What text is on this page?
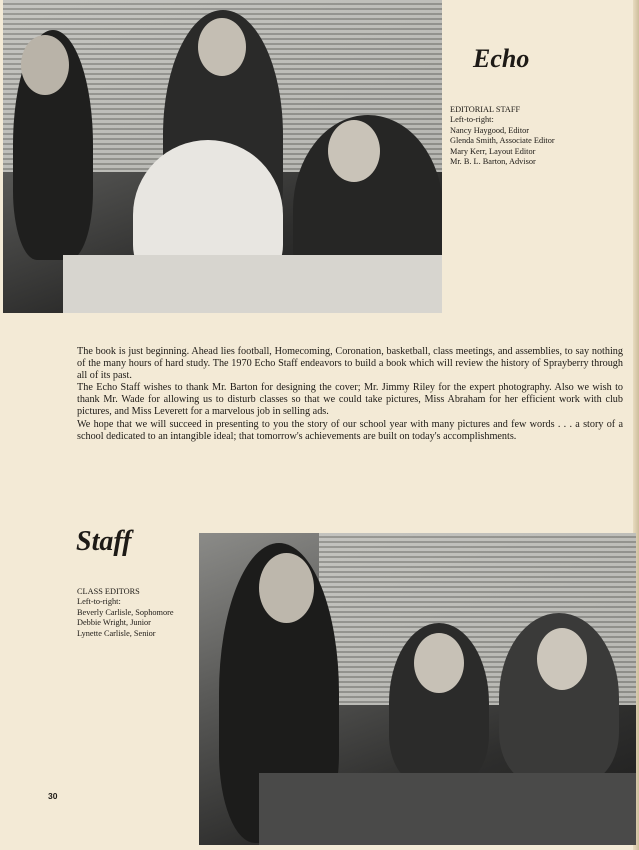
Echo
EDITORIAL STAFF
Left-to-right:
Nancy Haygood, Editor
Glenda Smith, Associate Editor
Mary Kerr, Layout Editor
Mr. B. L. Barton, Advisor

The book is just beginning. Ahead lies football, Homecoming, Coronation, basketball, class meetings, and assemblies, to say nothing of the many hours of hard study. The 1970 Echo Staff endeavors to build a book which will review the history of Sprayberry through all of its past.

The Echo Staff wishes to thank Mr. Barton for designing the cover; Mr. Jimmy Riley for the expert photography. Also we wish to thank Mr. Wade for allowing us to disturb classes so that we could take pictures, Miss Abraham for her efficient work with club pictures, and Miss Leverett for a marvelous job in selling ads.

We hope that we will succeed in presenting to you the story of our school year with many pictures and few words . . . a story of a school dedicated to an intangible ideal; that tomorrow's achievements are built on today's accomplishments.

Staff
CLASS EDITORS
Left-to-right:
Beverly Carlisle, Sophomore
Debbie Wright, Junior
Lynette Carlisle, Senior
30
